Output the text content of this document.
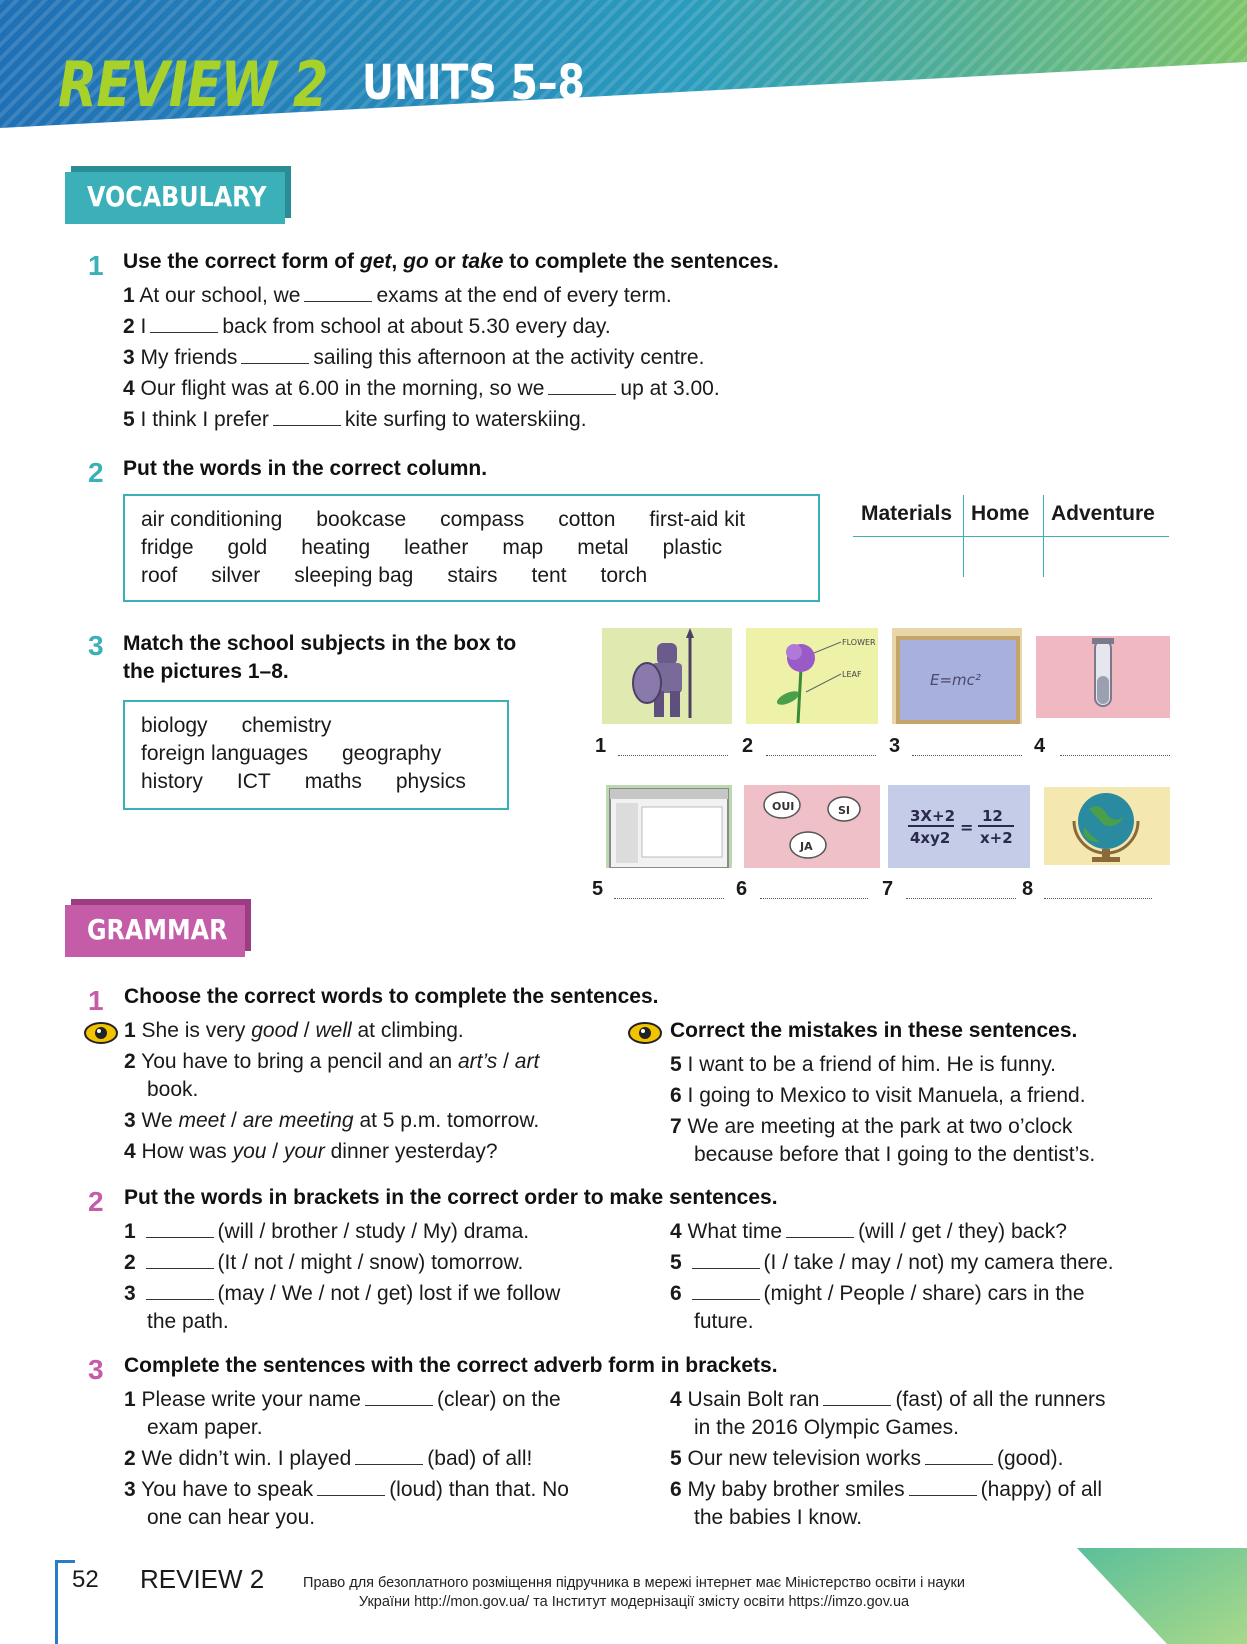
REVIEW 2 UNITS 5–8
VOCABULARY
1 Use the correct form of get, go or take to complete the sentences.
1 At our school, we	exams at the end of every term.
2 I	back from school at about 5.30 every day.
3 My friends	sailing this afternoon at the activity centre.
4 Our flight was at 6.00 in the morning, so we	up at 3.00.
5 I think I prefer	kite surfing to waterskiing.
2 Put the words in the correct column.
air conditioning bookcase compass cotton first-aid kit
fridge gold heating leather map metal plastic
roof silver sleeping bag stairs tent torch
Materials Home Adventure
3 Match the school subjects in the box to
the pictures 1–8.
biology chemistry
foreign languages geography
history ICT maths physics
FLOWER
LEAF	E=mc²
1	2	3	4
OUI	SI
JA
3X+2
4xy2
=
12
x+2
5	6	7	8
GRAMMAR
1 Choose the correct words to complete the sentences.
1 She is very good / well at climbing.
2 You have to bring a pencil and an art’s / art
book.
3 We meet / are meeting at 5 p.m. tomorrow.
4 How was you / your dinner yesterday?
Correct the mistakes in these sentences.
5 I want to be a friend of him. He is funny.
6 I going to Mexico to visit Manuela, a friend.
7 We are meeting at the park at two o’clock
because before that I going to the dentist’s.
2 Put the words in brackets in the correct order to make sentences.
1	(will / brother / study / My) drama.
2	(It / not / might / snow) tomorrow.
3	(may / We / not / get) lost if we follow
the path.
4 What time	(will / get / they) back?
5	(I / take / may / not) my camera there.
6	(might / People / share) cars in the
future.
3 Complete the sentences with the correct adverb form in brackets.
1 Please write your name	(clear) on the
exam paper.
2 We didn’t win. I played	(bad) of all!
3 You have to speak	(loud) than that. No
one can hear you.
4 Usain Bolt ran	(fast) of all the runners
in the 2016 Olympic Games.
5 Our new television works	(good).
6 My baby brother smiles	(happy) of all
the babies I know.
52 REVIEW 2	Право для безоплатного розміщення підручника в мережі інтернет має Міністерство освіти і науки
України http://mon.gov.ua/ та Інститут модернізації змісту освіти https://imzo.gov.ua
